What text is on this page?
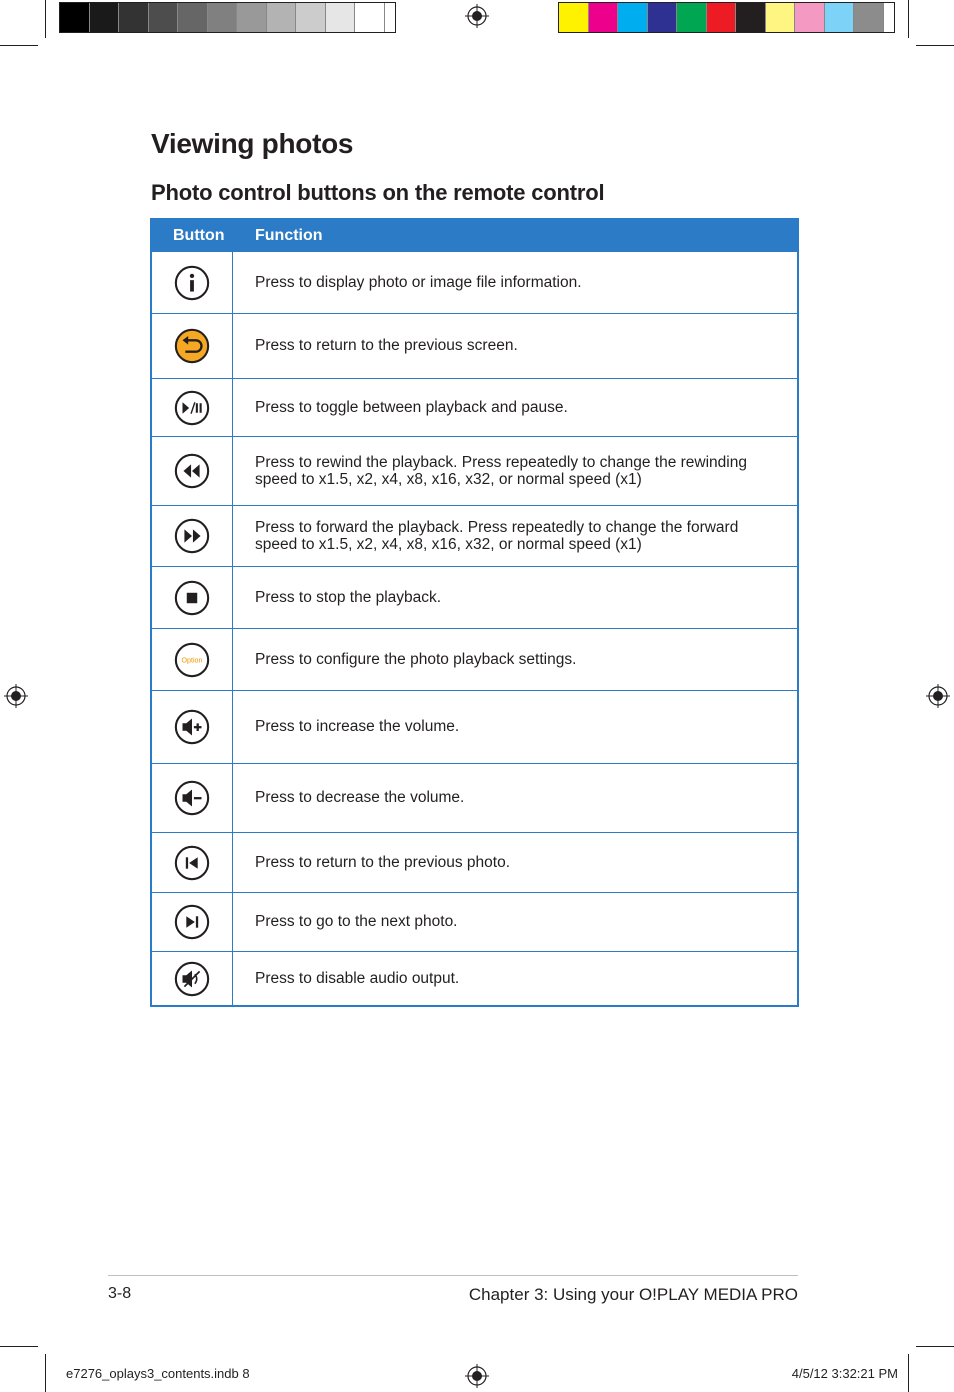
Viewing photos
Photo control buttons on the remote control
Button Function
Press to display photo or image file information.
Press to return to the previous screen.
Press to toggle between playback and pause.
Press to rewind the playback. Press repeatedly to change the rewinding speed to x1.5, x2, x4, x8, x16, x32, or normal speed (x1)
Press to forward the playback. Press repeatedly to change the forward speed to x1.5, x2, x4, x8, x16, x32, or normal speed (x1)
Press to stop the playback.
Option	Press to configure the photo playback settings.
Press to increase the volume.
Press to decrease the volume.
Press to return to the previous photo.
Press to go to the next photo.
Press to disable audio output.
3-8	Chapter 3: Using your O!PLAY MEDIA PRO
e7276_oplays3_contents.indb 8	4/5/12 3:32:21 PM
